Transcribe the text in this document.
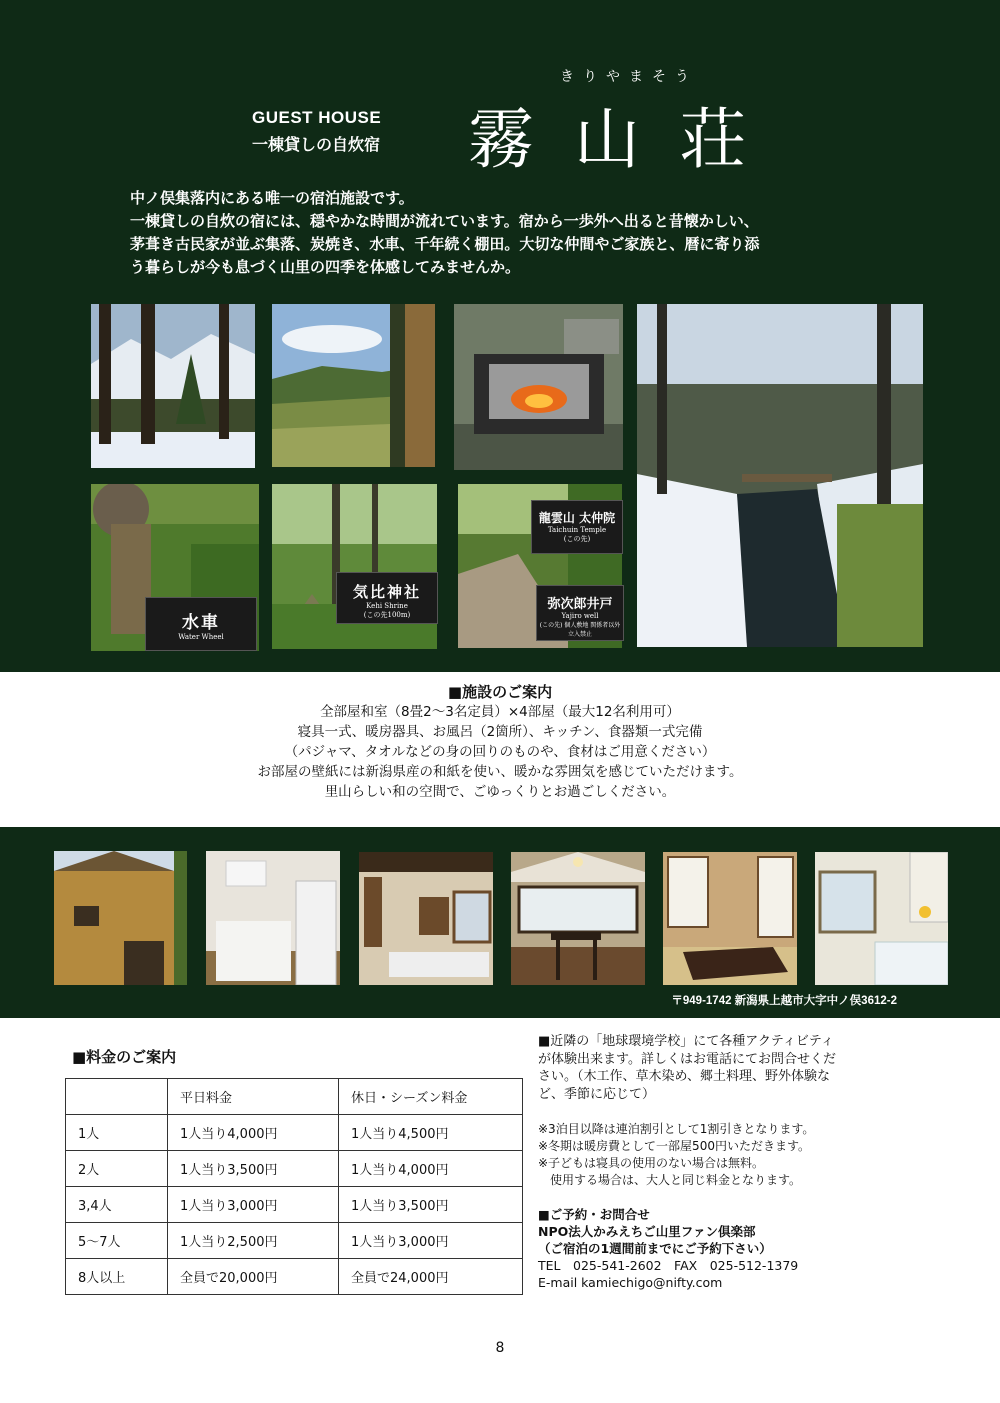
GUEST HOUSE
一棟貸しの自炊宿
きりやまそう
霧山荘
中ノ俣集落内にある唯一の宿泊施設です。
一棟貸しの自炊の宿には、穏やかな時間が流れています。宿から一歩外へ出ると昔懐かしい、
茅葺き古民家が並ぶ集落、炭焼き、水車、千年続く棚田。大切な仲間やご家族と、暦に寄り添
う暮らしが今も息づく山里の四季を体感してみませんか。
水車
Water Wheel
気比神社
Kehi Shrine
(この先100m)
龍雲山 太仲院
Taichuin Temple
(この先)
弥次郎井戸
Yajiro well
(この先) 個人敷地 関係者以外立入禁止
■施設のご案内
全部屋和室（8畳2～3名定員）×4部屋（最大12名利用可）
寝具一式、暖房器具、お風呂（2箇所）、キッチン、食器類一式完備
（パジャマ、タオルなどの身の回りのものや、食材はご用意ください）
お部屋の壁紙には新潟県産の和紙を使い、暖かな雰囲気を感じていただけます。
里山らしい和の空間で、ごゆっくりとお過ごしください。
〒949-1742 新潟県上越市大字中ノ俣3612-2
■料金のご案内
	平日料金	休日・シーズン料金
1人	1人当り4,000円	1人当り4,500円
2人	1人当り3,500円	1人当り4,000円
3,4人	1人当り3,000円	1人当り3,500円
5～7人	1人当り2,500円	1人当り3,000円
8人以上	全員で20,000円	全員で24,000円
■近隣の「地球環境学校」にて各種アクティビティ
が体験出来ます。詳しくはお電話にてお問合せくだ
さい。（木工作、草木染め、郷土料理、野外体験な
ど、季節に応じて）
※3泊目以降は連泊割引として1割引きとなります。
※冬期は暖房費として一部屋500円いただきます。
※子どもは寝具の使用のない場合は無料。
　使用する場合は、大人と同じ料金となります。
■ご予約・お問合せ
NPO法人かみえちご山里ファン倶楽部
（ご宿泊の1週間前までにご予約下さい）
TEL　025-541-2602　FAX　025-512-1379
E-mail kamiechigo@nifty.com
8
